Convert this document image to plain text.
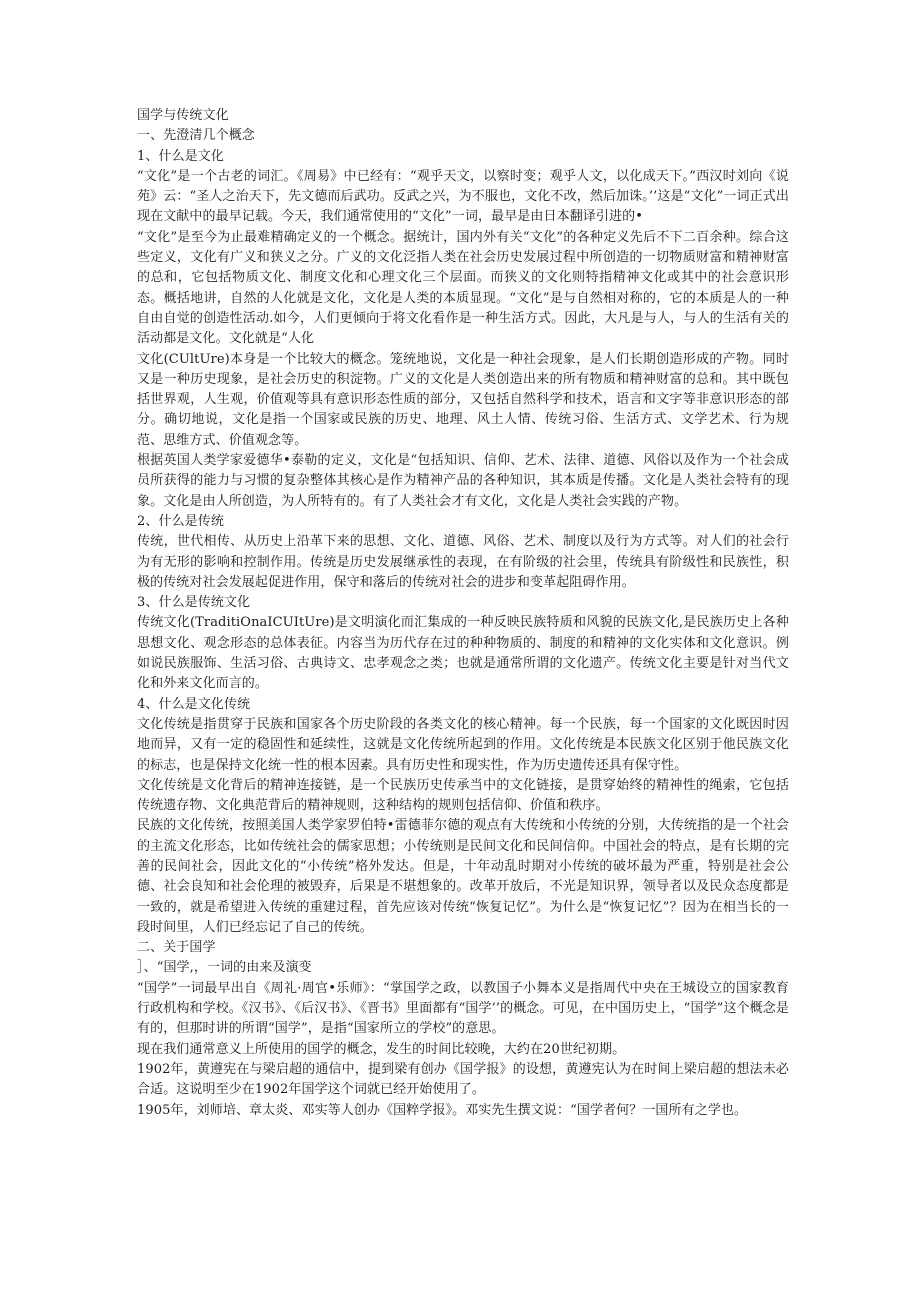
国学与传统文化

一、先澄清几个概念

1、什么是文化

“文化”是一个古老的词汇。《周易》中已经有：“观乎天文，以察时变；观乎人文，以化成天下。”西汉时刘向《说苑》云：“圣人之治天下，先文德而后武功。反武之兴，为不服也，文化不改，然后加诛。’’这是“文化”一词正式出现在文献中的最早记载。今天，我们通常使用的“文化”一词，最早是由日本翻译引进的•

“文化”是至今为止最难精确定义的一个概念。据统计，国内外有关“文化”的各种定义先后不下二百余种。综合这些定义，文化有广义和狭义之分。广义的文化泛指人类在社会历史发展过程中所创造的一切物质财富和精神财富的总和，它包括物质文化、制度文化和心理文化三个层面。而狭义的文化则特指精神文化或其中的社会意识形态。概括地讲，自然的人化就是文化，文化是人类的本质显现。“文化”是与自然相对称的，它的本质是人的一种自由自觉的创造性活动.如今，人们更倾向于将文化看作是一种生活方式。因此，大凡是与人，与人的生活有关的活动都是文化。文化就是“人化

文化(CUltUre)本身是一个比较大的概念。笼统地说，文化是一种社会现象，是人们长期创造形成的产物。同时又是一种历史现象，是社会历史的积淀物。广义的文化是人类创造出来的所有物质和精神财富的总和。其中既包括世界观，人生观，价值观等具有意识形态性质的部分，又包括自然科学和技术，语言和文字等非意识形态的部分。确切地说，文化是指一个国家或民族的历史、地理、风土人情、传统习俗、生活方式、文学艺术、行为规范、思维方式、价值观念等。

根据英国人类学家爱德华•泰勒的定义，文化是“包括知识、信仰、艺术、法律、道德、风俗以及作为一个社会成员所获得的能力与习惯的复杂整体其核心是作为精神产品的各种知识，其本质是传播。文化是人类社会特有的现象。文化是由人所创造，为人所特有的。有了人类社会才有文化，文化是人类社会实践的产物。

2、什么是传统

传统，世代相传、从历史上沿革下来的思想、文化、道德、风俗、艺术、制度以及行为方式等。对人们的社会行为有无形的影响和控制作用。传统是历史发展继承性的表现，在有阶级的社会里，传统具有阶级性和民族性，积极的传统对社会发展起促进作用，保守和落后的传统对社会的进步和变革起阻碍作用。

3、什么是传统文化

传统文化(TraditiOnaICUItUre)是文明演化而汇集成的一种反映民族特质和风貌的民族文化,是民族历史上各种思想文化、观念形态的总体表征。内容当为历代存在过的种种物质的、制度的和精神的文化实体和文化意识。例如说民族服饰、生活习俗、古典诗文、忠孝观念之类；也就是通常所谓的文化遗产。传统文化主要是针对当代文化和外来文化而言的。

4、什么是文化传统

文化传统是指贯穿于民族和国家各个历史阶段的各类文化的核心精神。每一个民族，每一个国家的文化既因时因地而异，又有一定的稳固性和延续性，这就是文化传统所起到的作用。文化传统是本民族文化区别于他民族文化的标志，也是保持文化统一性的根本因素。具有历史性和现实性，作为历史遗传还具有保守性。

文化传统是文化背后的精神连接链，是一个民族历史传承当中的文化链接，是贯穿始终的精神性的绳索，它包括传统遗存物、文化典范背后的精神规则，这种结构的规则包括信仰、价值和秩序。

民族的文化传统，按照美国人类学家罗伯特•雷德菲尔德的观点有大传统和小传统的分别，大传统指的是一个社会的主流文化形态，比如传统社会的儒家思想；小传统则是民间文化和民间信仰。中国社会的特点，是有长期的完善的民间社会，因此文化的“小传统”格外发达。但是，十年动乱时期对小传统的破坏最为严重，特别是社会公德、社会良知和社会伦理的被毁弃，后果是不堪想象的。改革开放后，不光是知识界，领导者以及民众态度都是一致的，就是希望进入传统的重建过程，首先应该对传统“恢复记忆”。为什么是“恢复记忆”？因为在相当长的一段时间里，人们已经忘记了自己的传统。

二、关于国学

］、“国学,，一词的由来及演变

“国学”一词最早出自《周礼·周官•乐师》：“掌国学之政，以教国子小舞本义是指周代中央在王城设立的国家教育行政机构和学校。《汉书》、《后汉书》、《晋书》里面都有“国学’’的概念。可见，在中国历史上，“国学”这个概念是有的，但那时讲的所谓“国学”，是指“国家所立的学校”的意思。

现在我们通常意义上所使用的国学的概念，发生的时间比较晚，大约在20世纪初期。

1902年，黄遵宪在与梁启超的通信中，提到梁有创办《国学报》的设想，黄遵宪认为在时间上梁启超的想法未必合适。这说明至少在1902年国学这个词就已经开始使用了。

1905年，刘师培、章太炎、邓实等人创办《国粹学报》。邓实先生撰文说：“国学者何？一国所有之学也。
